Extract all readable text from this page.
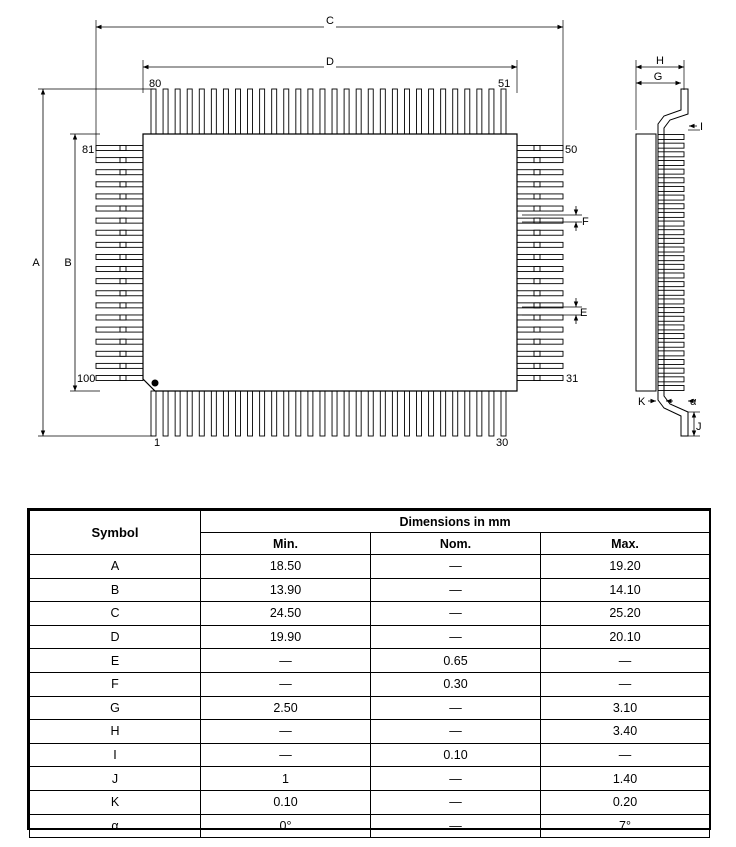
C
D
A B
F
E
80	51
81	50
100	31
1	30
H
G
I
K	α
J
Symbol	Dimensions in mm		
	Min.	Nom.	Max.
A	18.50	—	19.20
B	13.90	—	14.10
C	24.50	—	25.20
D	19.90	—	20.10
E	—	0.65	—
F	—	0.30	—
G	2.50	—	3.10
H	—	—	3.40
I	—	0.10	—
J	1	—	1.40
K	0.10	—	0.20
α	0°	—	7°
